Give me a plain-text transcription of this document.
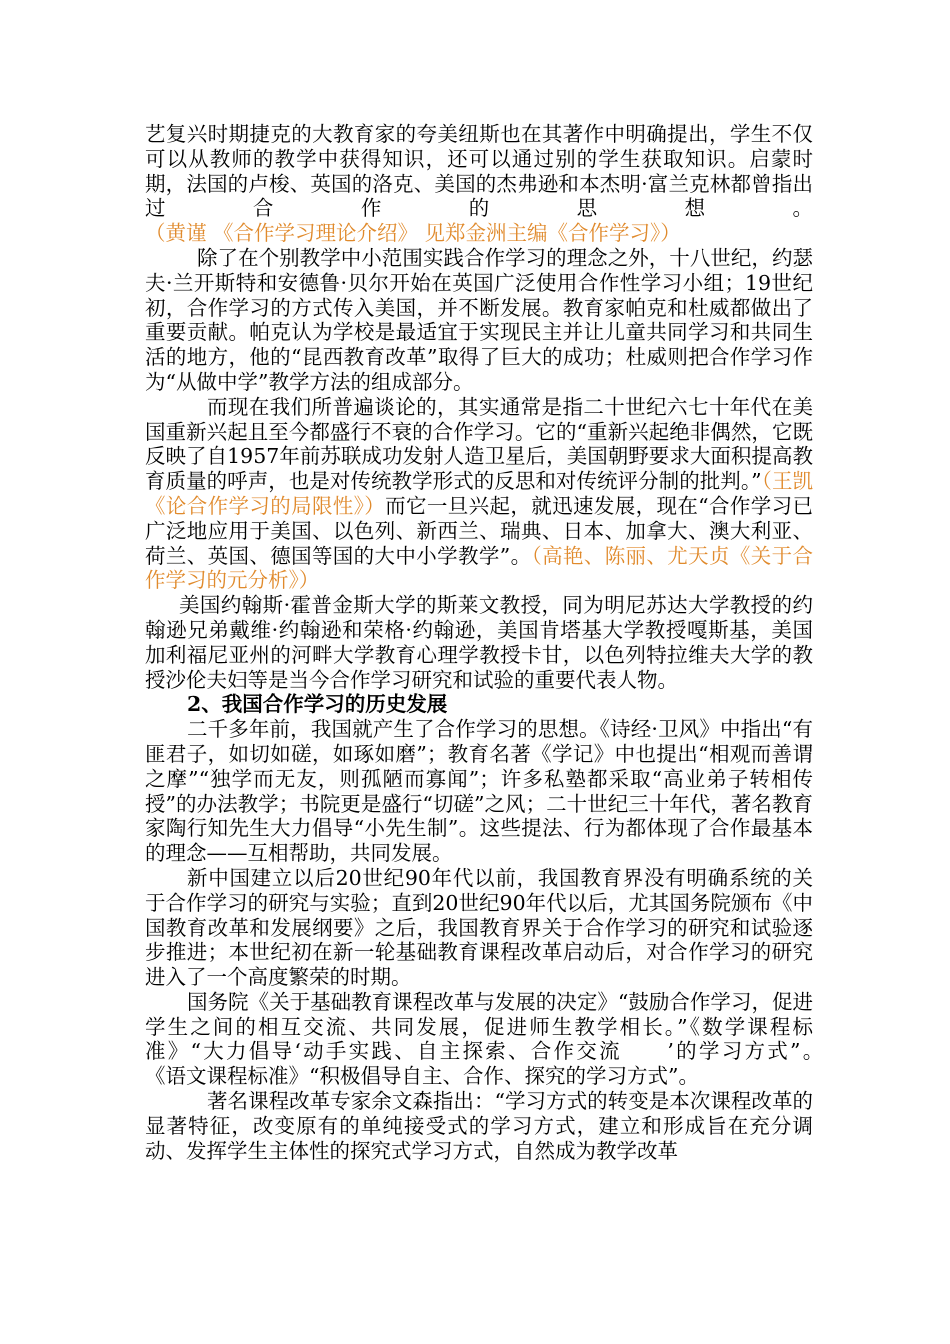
艺复兴时期捷克的大教育家的夸美纽斯也在其著作中明确提出，学生不仅可以从教师的教学中获得知识，还可以通过别的学生获取知识。启蒙时期，法国的卢梭、英国的洛克、美国的杰弗逊和本杰明·富兰克林都曾指出过合作的思想。（黄谨 《合作学习理论介绍》 见郑金洲主编《合作学习》）

除了在个别教学中小范围实践合作学习的理念之外，十八世纪，约瑟夫·兰开斯特和安德鲁·贝尔开始在英国广泛使用合作性学习小组；19世纪初，合作学习的方式传入美国，并不断发展。教育家帕克和杜威都做出了重要贡献。帕克认为学校是最适宜于实现民主并让儿童共同学习和共同生活的地方，他的“昆西教育改革”取得了巨大的成功；杜威则把合作学习作为“从做中学”教学方法的组成部分。

而现在我们所普遍谈论的，其实通常是指二十世纪六七十年代在美国重新兴起且至今都盛行不衰的合作学习。它的“重新兴起绝非偶然，它既反映了自1957年前苏联成功发射人造卫星后，美国朝野要求大面积提高教育质量的呼声，也是对传统教学形式的反思和对传统评分制的批判。”（王凯《论合作学习的局限性》）而它一旦兴起，就迅速发展，现在“合作学习已广泛地应用于美国、以色列、新西兰、瑞典、日本、加拿大、澳大利亚、荷兰、英国、德国等国的大中小学教学”。（高艳、陈丽、尤天贞《关于合作学习的元分析》）

美国约翰斯·霍普金斯大学的斯莱文教授，同为明尼苏达大学教授的约翰逊兄弟戴维·约翰逊和荣格·约翰逊，美国肯塔基大学教授嘎斯基，美国加利福尼亚州的河畔大学教育心理学教授卡甘，以色列特拉维夫大学的教授沙伦夫妇等是当今合作学习研究和试验的重要代表人物。

2、我国合作学习的历史发展

二千多年前，我国就产生了合作学习的思想。《诗经·卫风》中指出“有匪君子，如切如磋，如琢如磨”；教育名著《学记》中也提出“相观而善谓之摩”“独学而无友，则孤陋而寡闻”；许多私塾都采取“高业弟子转相传授”的办法教学；书院更是盛行“切磋”之风；二十世纪三十年代，著名教育家陶行知先生大力倡导“小先生制”。这些提法、行为都体现了合作最基本的理念——互相帮助，共同发展。

新中国建立以后20世纪90年代以前，我国教育界没有明确系统的关于合作学习的研究与实验；直到20世纪90年代以后，尤其国务院颁布《中国教育改革和发展纲要》之后，我国教育界关于合作学习的研究和试验逐步推进；本世纪初在新一轮基础教育课程改革启动后，对合作学习的研究进入了一个高度繁荣的时期。

国务院《关于基础教育课程改革与发展的决定》“鼓励合作学习，促进学生之间的相互交流、共同发展，促进师生教学相长。”《数学课程标准》“大力倡导‘动手实践、自主探索、合作交流　　’的学习方式”。　　《语文课程标准》“积极倡导自主、合作、探究的学习方式”。

著名课程改革专家余文森指出：“学习方式的转变是本次课程改革的显著特征，改变原有的单纯接受式的学习方式，建立和形成旨在充分调动、发挥学生主体性的探究式学习方式，自然成为教学改革
